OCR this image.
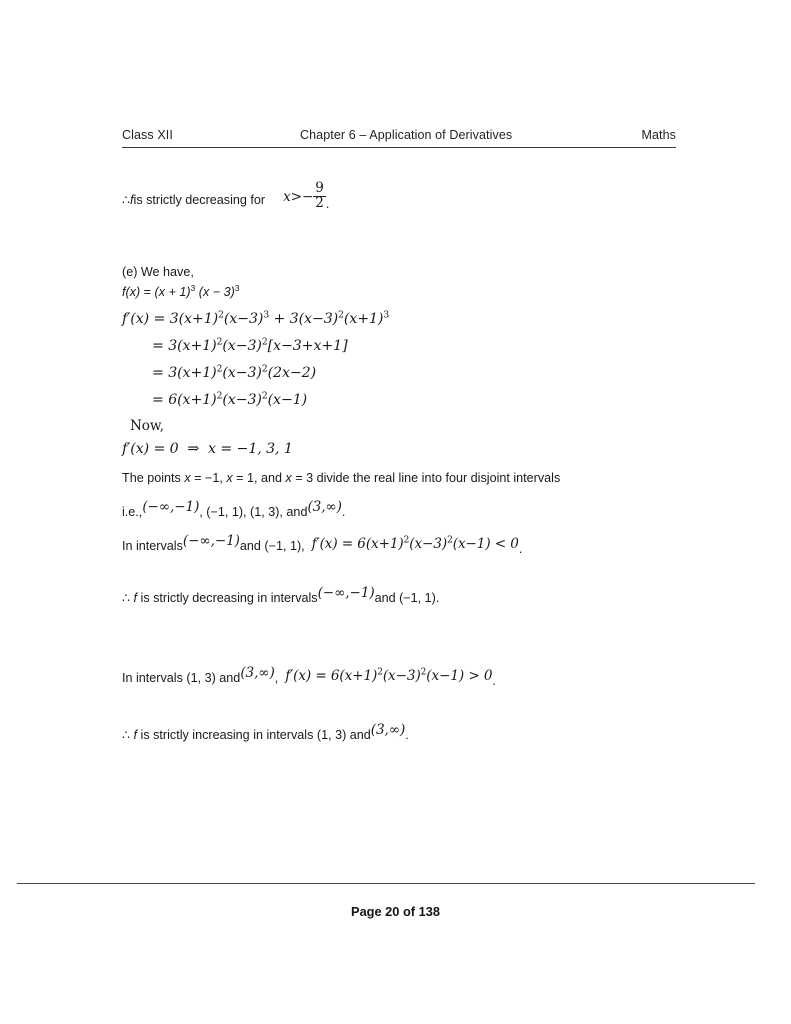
Class XII	Chapter 6 – Application of Derivatives	Maths
∴ f is strictly decreasing for $x>- \frac{9}{2}$ .
(e) We have,
$f(x) = (x + 1)^3$ $(x - 3)^3$
$f'(x) = 3(x+1)^2(x-3)^3 + 3(x-3)^2(x+1)^3$
= $3(x+1)^2(x-3)^2[x-3+x+1]$
= $3(x+1)^2(x-3)^2(2x-2)$
= $6(x+1)^2(x-3)^2(x-1)$
Now,
f′(x) = 0 ⇒ x = −1, 3, 1
The points x = −1, x = 1, and x = 3 divide the real line into four disjoint intervals
i.e.,(−∞,−1), (−1, 1), (1, 3), and(3,∞).
In intervals(−∞,−1)and (−1, 1), $f'(x) = 6(x+1)^2(x-3)^2(x-1) < 0$.
∴ f is strictly decreasing in intervals(−∞,−1)and (−1, 1).
In intervals (1, 3) and(3,∞), $f'(x) = 6(x+1)^2(x-3)^2(x-1) > 0$.
∴ f is strictly increasing in intervals (1, 3) and(3,∞).
Page 20 of 138
